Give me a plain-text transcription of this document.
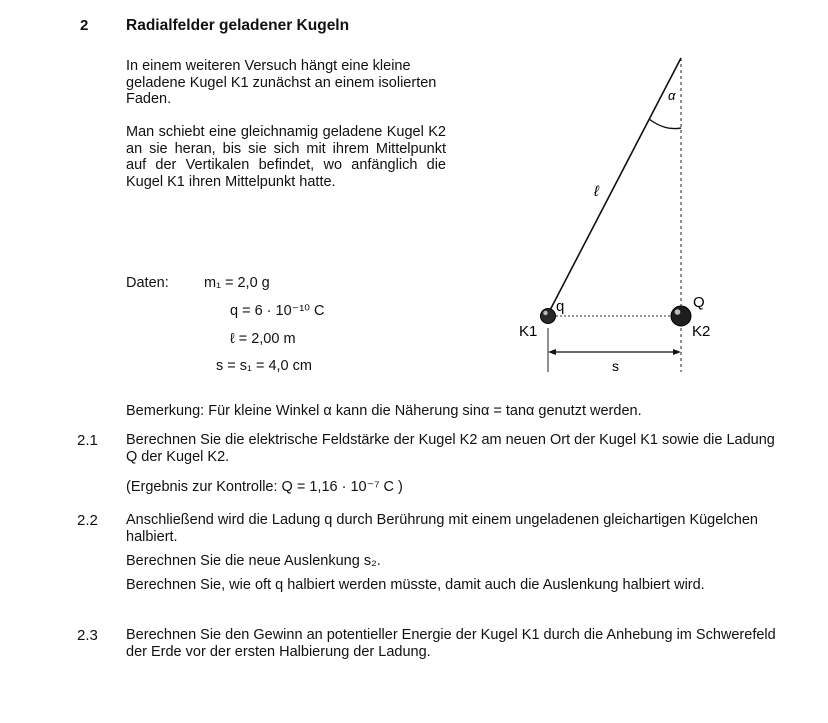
2 Radialfelder geladener Kugeln
In einem weiteren Versuch hängt eine kleine geladene Kugel K1 zunächst an einem isolierten Faden.
Man schiebt eine gleichnamig geladene Kugel K2 an sie heran, bis sie sich mit ihrem Mittelpunkt auf der Vertikalen befindet, wo anfänglich die Kugel K1 ihren Mittelpunkt hatte.
Daten: m₁ = 2,0 g
q = 6 · 10⁻¹⁰ C
ℓ = 2,00 m
s = s₁ = 4,0 cm
α
ℓ
q	Q
K1	K2
s
Bemerkung: Für kleine Winkel α kann die Näherung sinα = tanα genutzt werden.
2.1 Berechnen Sie die elektrische Feldstärke der Kugel K2 am neuen Ort der Kugel K1 sowie die Ladung Q der Kugel K2.
(Ergebnis zur Kontrolle: Q = 1,16 · 10⁻⁷ C )
2.2 Anschließend wird die Ladung q durch Berührung mit einem ungeladenen gleichartigen Kügelchen halbiert.
Berechnen Sie die neue Auslenkung s₂.
Berechnen Sie, wie oft q halbiert werden müsste, damit auch die Auslenkung halbiert wird.
2.3 Berechnen Sie den Gewinn an potentieller Energie der Kugel K1 durch die Anhebung im Schwerefeld der Erde vor der ersten Halbierung der Ladung.
